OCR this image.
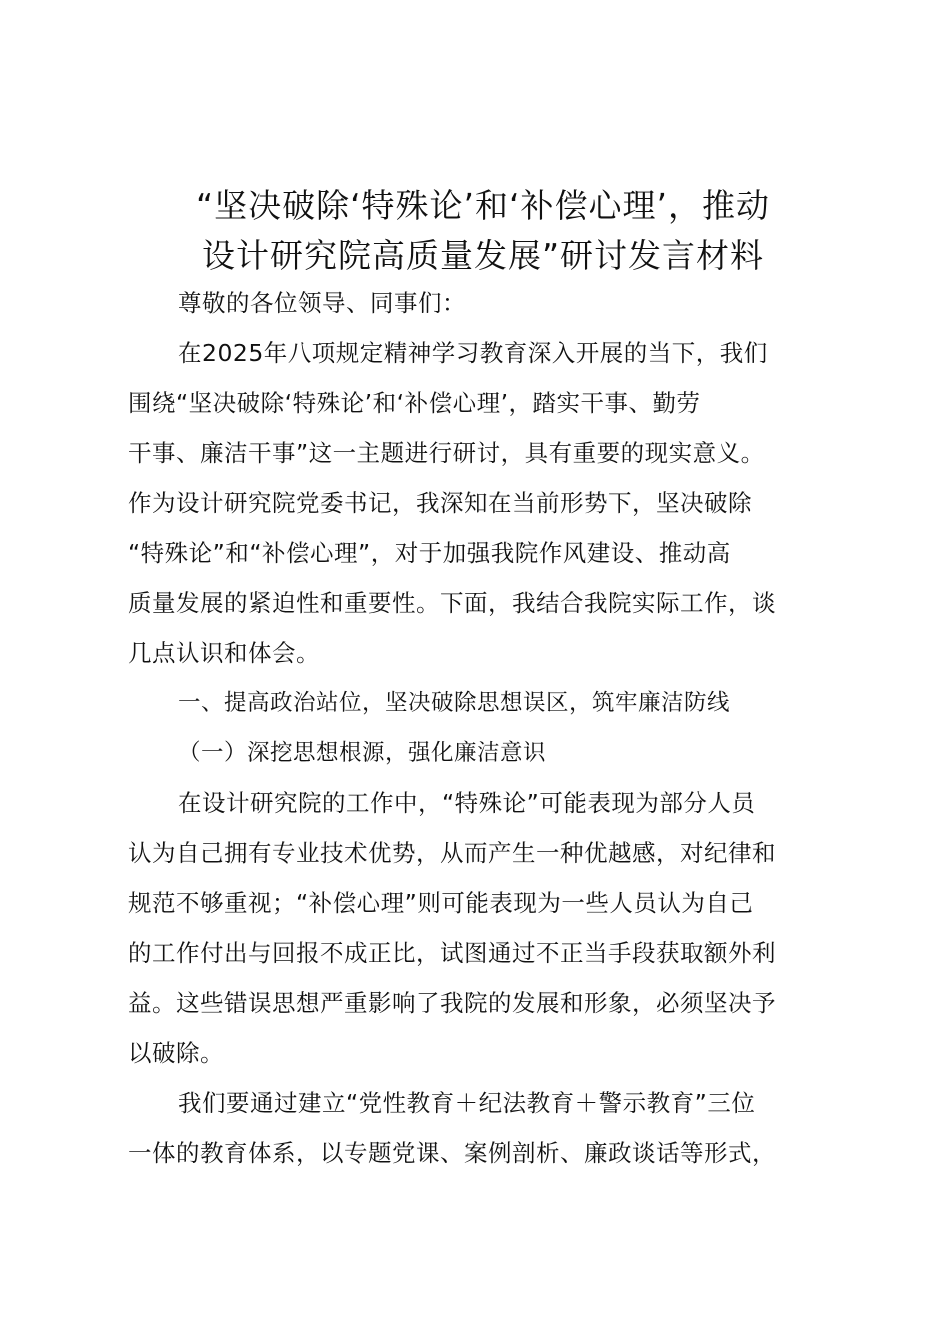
“坚决破除‘特殊论’和‘补偿心理’，推动
设计研究院高质量发展”研讨发言材料
尊敬的各位领导、同事们：
在2025年八项规定精神学习教育深入开展的当下，我们
围绕“坚决破除‘特殊论’和‘补偿心理’，踏实干事、勤劳
干事、廉洁干事”这一主题进行研讨，具有重要的现实意义。
作为设计研究院党委书记，我深知在当前形势下，坚决破除
“特殊论”和“补偿心理”，对于加强我院作风建设、推动高
质量发展的紧迫性和重要性。下面，我结合我院实际工作，谈
几点认识和体会。
一、提高政治站位，坚决破除思想误区，筑牢廉洁防线
（一）深挖思想根源，强化廉洁意识
在设计研究院的工作中，“特殊论”可能表现为部分人员
认为自己拥有专业技术优势，从而产生一种优越感，对纪律和
规范不够重视；“补偿心理”则可能表现为一些人员认为自己
的工作付出与回报不成正比，试图通过不正当手段获取额外利
益。这些错误思想严重影响了我院的发展和形象，必须坚决予
以破除。
我们要通过建立“党性教育＋纪法教育＋警示教育”三位
一体的教育体系，以专题党课、案例剖析、廉政谈话等形式，
